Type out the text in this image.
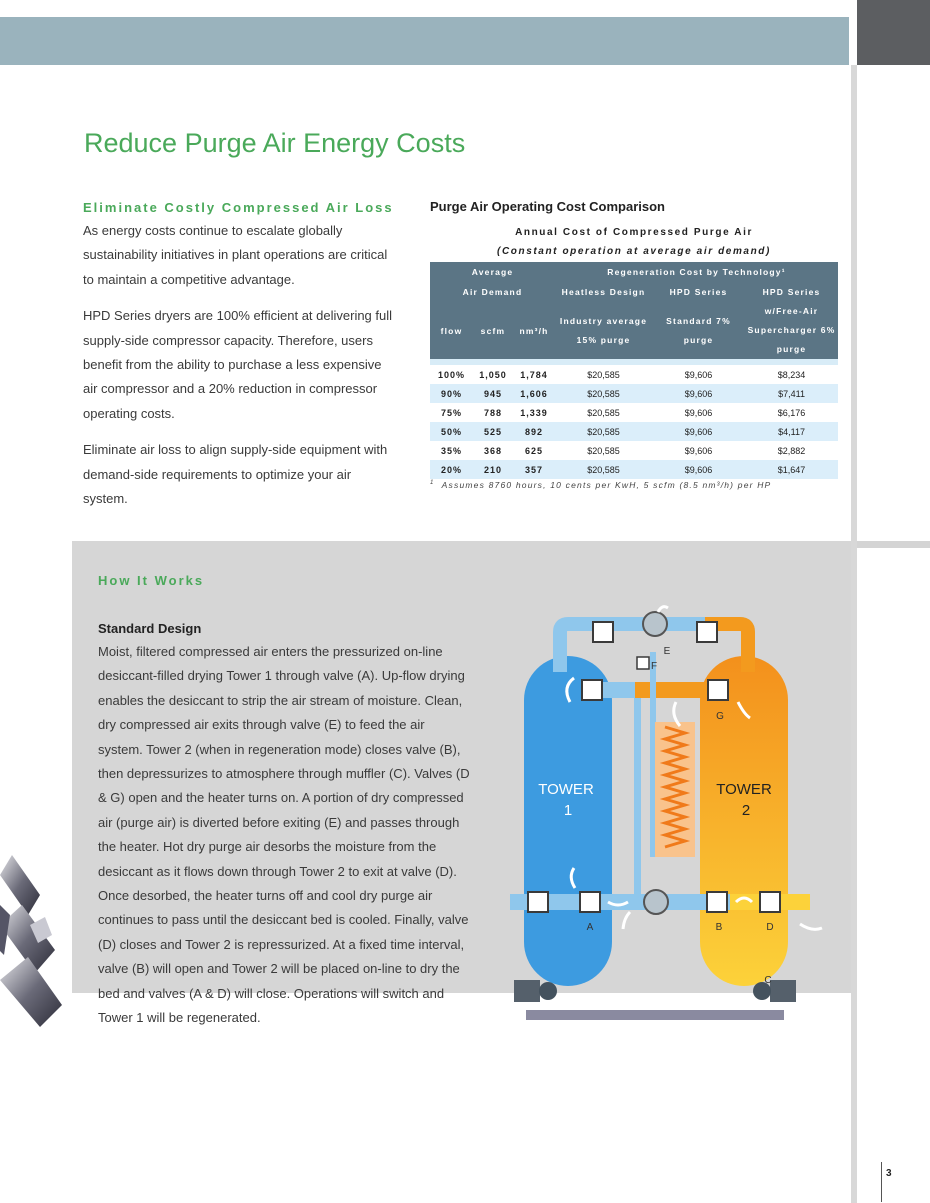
Reduce Purge Air Energy Costs
Eliminate Costly Compressed Air Loss

As energy costs continue to escalate globally sustainability initiatives in plant operations are critical to maintain a competitive advantage.

HPD Series dryers are 100% efficient at delivering full supply-side compressor capacity. Therefore, users benefit from the ability to purchase a less expensive air compressor and a 20% reduction in compressor operating costs.

Eliminate air loss to align supply-side equipment with demand-side requirements to optimize your air system.

Purge Air Operating Cost Comparison
Annual Cost of Compressed Purge Air
(Constant operation at average air demand)
Average			Regeneration Cost by Technology¹		
Air Demand			Heatless Design	HPD Series	HPD Series
flow	scfm	nm³/h	Industry average 15% purge	Standard 7% purge	w/Free-Air Supercharger 6% purge

100%	1,050	1,784	$20,585	$9,606	$8,234
90%	945	1,606	$20,585	$9,606	$7,411
75%	788	1,339	$20,585	$9,606	$6,176
50%	525	892	$20,585	$9,606	$4,117
35%	368	625	$20,585	$9,606	$2,882
20%	210	357	$20,585	$9,606	$1,647
$^1$ Assumes 8760 hours, 10 cents per KwH, 5 scfm (8.5 nm³/h) per HP
How It Works
Standard Design
Moist, filtered compressed air enters the pressurized on-line desiccant-filled drying Tower 1 through valve (A). Up-flow drying enables the desiccant to strip the air stream of moisture. Clean, dry compressed air exits through valve (E) to feed the air system. Tower 2 (when in regeneration mode) closes valve (B), then depressurizes to atmosphere through muffler (C). Valves (D & G) open and the heater turns on. A portion of dry compressed air (purge air) is diverted before exiting (E) and passes through the heater. Hot dry purge air desorbs the moisture from the desiccant as it flows down through Tower 2 to exit at valve (D). Once desorbed, the heater turns off and cool dry purge air continues to pass until the desiccant bed is cooled. Finally, valve (D) closes and Tower 2 is repressurized. At a fixed time interval, valve (B) will open and Tower 2 will be placed on-line to dry the bed and valves (A & D) will close. Operations will switch and Tower 1 will be regenerated.
TOWER
1
TOWER
2
E
F
G
A	B	D
C
3
